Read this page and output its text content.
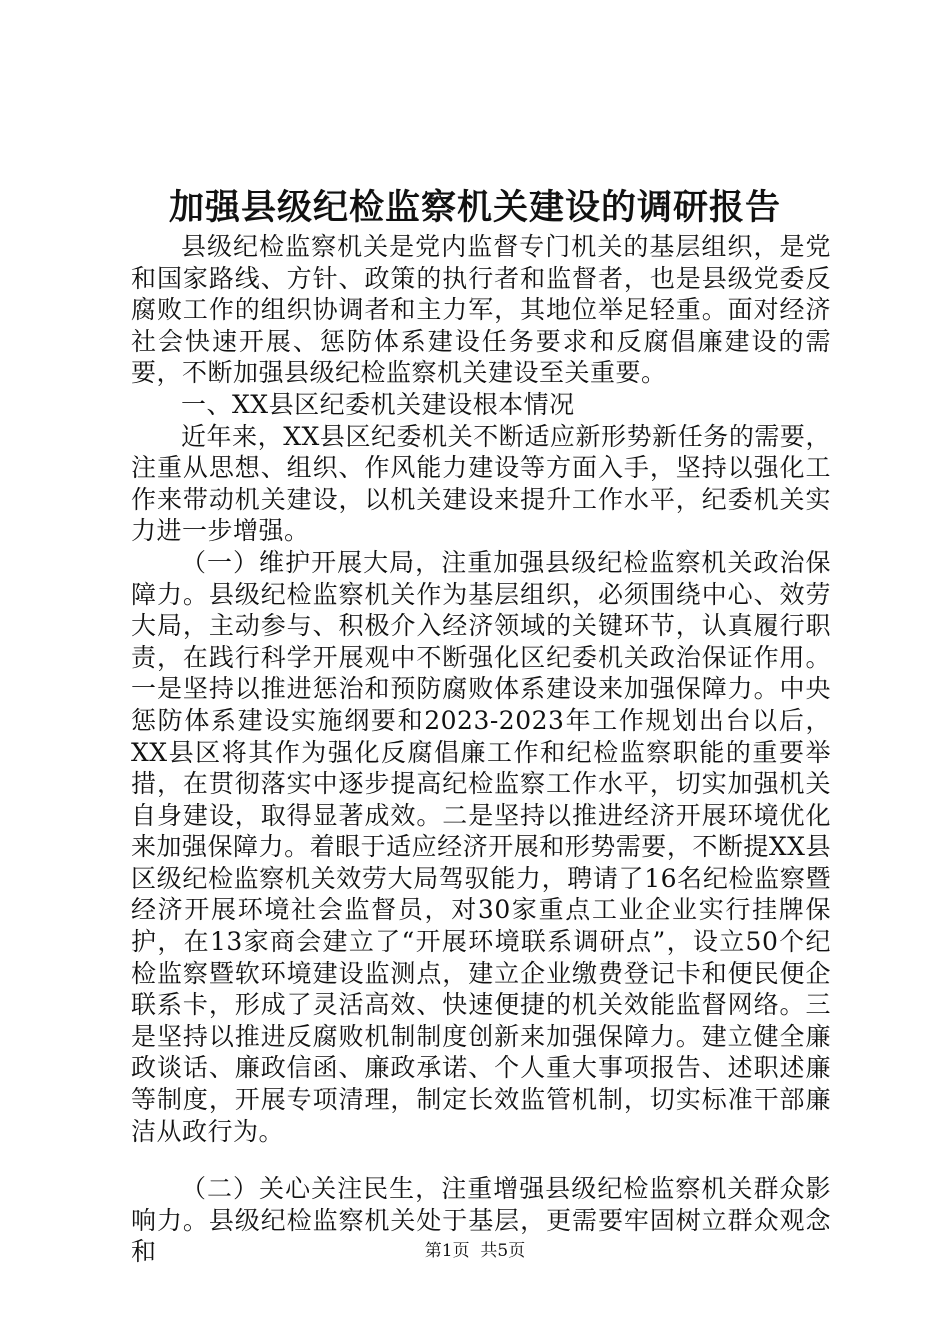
加强县级纪检监察机关建设的调研报告

县级纪检监察机关是党内监督专门机关的基层组织，是党和国家路线、方针、政策的执行者和监督者，也是县级党委反腐败工作的组织协调者和主力军，其地位举足轻重。面对经济社会快速开展、惩防体系建设任务要求和反腐倡廉建设的需要，不断加强县级纪检监察机关建设至关重要。

一、XX县区纪委机关建设根本情况

近年来，XX县区纪委机关不断适应新形势新任务的需要，注重从思想、组织、作风能力建设等方面入手，坚持以强化工作来带动机关建设，以机关建设来提升工作水平，纪委机关实力进一步增强。

（一）维护开展大局，注重加强县级纪检监察机关政治保障力。县级纪检监察机关作为基层组织，必须围绕中心、效劳大局，主动参与、积极介入经济领域的关键环节，认真履行职责，在践行科学开展观中不断强化区纪委机关政治保证作用。一是坚持以推进惩治和预防腐败体系建设来加强保障力。中央惩防体系建设实施纲要和2023-2023年工作规划出台以后，XX县区将其作为强化反腐倡廉工作和纪检监察职能的重要举措，在贯彻落实中逐步提高纪检监察工作水平，切实加强机关自身建设，取得显著成效。二是坚持以推进经济开展环境优化来加强保障力。着眼于适应经济开展和形势需要，不断提XX县区级纪检监察机关效劳大局驾驭能力，聘请了16名纪检监察暨经济开展环境社会监督员，对30家重点工业企业实行挂牌保护，在13家商会建立了“开展环境联系调研点”，设立50个纪检监察暨软环境建设监测点，建立企业缴费登记卡和便民便企联系卡，形成了灵活高效、快速便捷的机关效能监督网络。三是坚持以推进反腐败机制制度创新来加强保障力。建立健全廉政谈话、廉政信函、廉政承诺、个人重大事项报告、述职述廉等制度，开展专项清理，制定长效监管机制，切实标准干部廉洁从政行为。

（二）关心关注民生，注重增强县级纪检监察机关群众影响力。县级纪检监察机关处于基层，更需要牢固树立群众观念和	第1页  共5页
